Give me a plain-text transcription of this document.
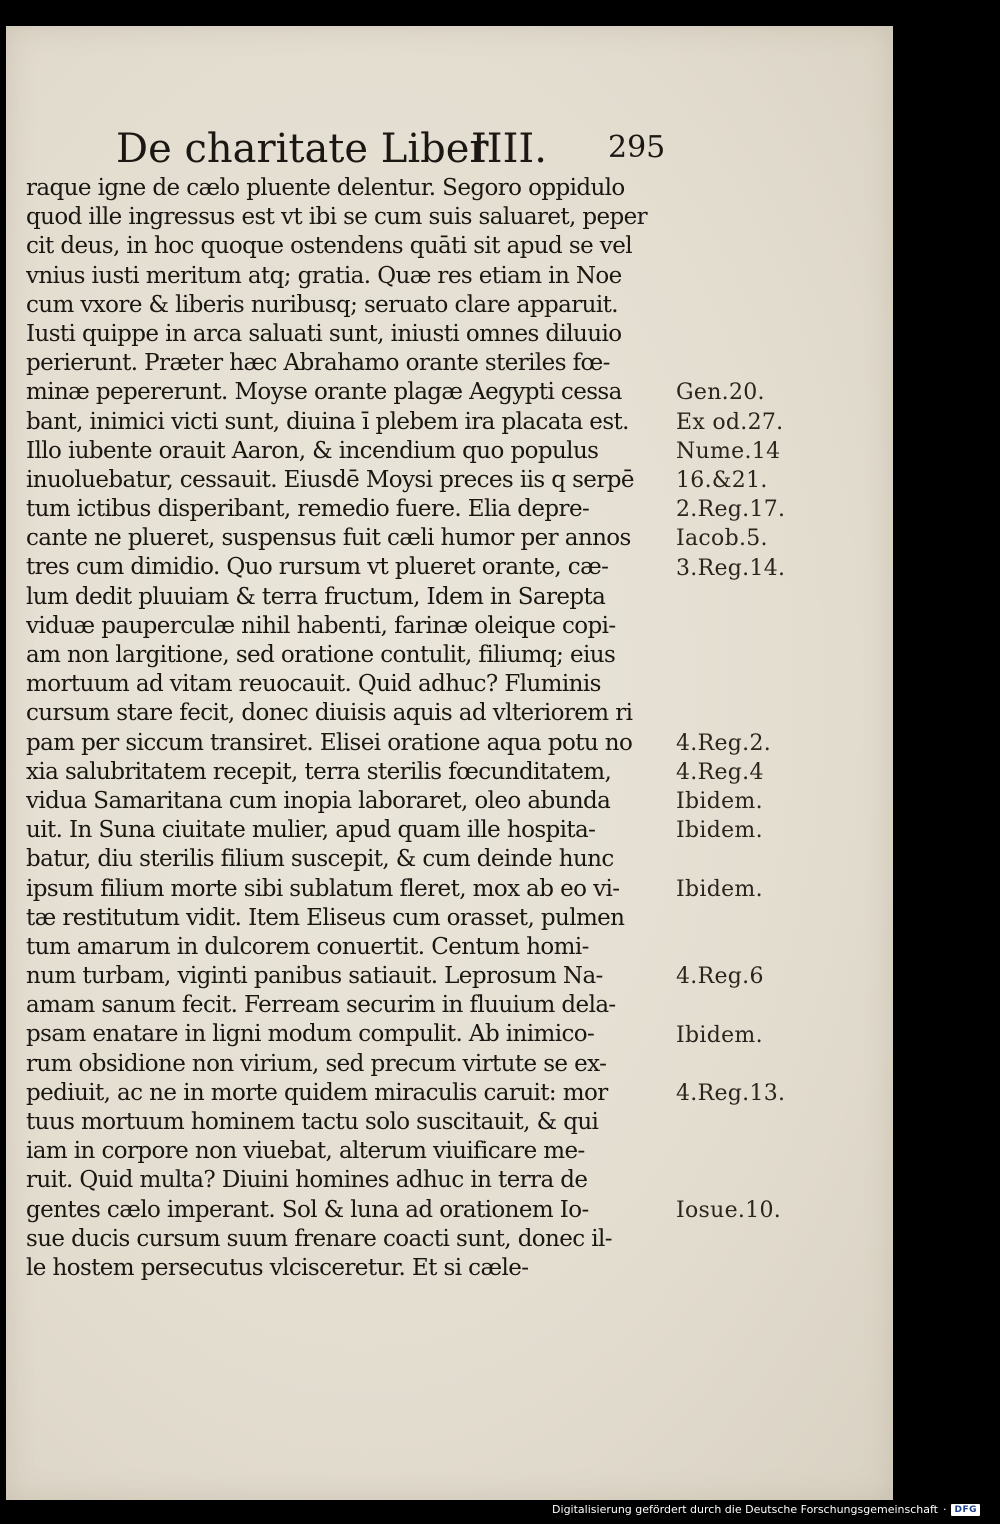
De charitate Liber
IIII. 295
raque igne de cælo pluente delentur. Segoro oppidulo
quod ille ingressus est vt ibi se cum suis saluaret, peper
cit deus, in hoc quoque ostendens quāti sit apud se vel
vnius iusti meritum atq; gratia. Quæ res etiam in Noe
cum vxore & liberis nuribusq; seruato clare apparuit.
Iusti quippe in arca saluati sunt, iniusti omnes diluuio
perierunt. Præter hæc Abrahamo orante steriles fœ-
minæ pepererunt. Moyse orante plagæ Aegypti cessa
bant, inimici victi sunt, diuina ī plebem ira placata est.
Illo iubente orauit Aaron, & incendium quo populus
inuoluebatur, cessauit. Eiusdē Moysi preces iis q serpē
tum ictibus disperibant, remedio fuere. Elia depre-
cante ne plueret, suspensus fuit cæli humor per annos
tres cum dimidio. Quo rursum vt plueret orante, cæ-
lum dedit pluuiam & terra fructum, Idem in Sarepta
viduæ pauperculæ nihil habenti, farinæ oleique copi-
am non largitione, sed oratione contulit, filiumq; eius
mortuum ad vitam reuocauit. Quid adhuc? Fluminis
cursum stare fecit, donec diuisis aquis ad vlteriorem ri
pam per siccum transiret. Elisei oratione aqua potu no
xia salubritatem recepit, terra sterilis fœcunditatem,
vidua Samaritana cum inopia laboraret, oleo abunda
uit. In Suna ciuitate mulier, apud quam ille hospita-
batur, diu sterilis filium suscepit, & cum deinde hunc
ipsum filium morte sibi sublatum fleret, mox ab eo vi-
tæ restitutum vidit. Item Eliseus cum orasset, pulmen
tum amarum in dulcorem conuertit. Centum homi-
num turbam, viginti panibus satiauit. Leprosum Na-
amam sanum fecit. Ferream securim in fluuium dela-
psam enatare in ligni modum compulit. Ab inimico-
rum obsidione non virium, sed precum virtute se ex-
pediuit, ac ne in morte quidem miraculis caruit: mor
tuus mortuum hominem tactu solo suscitauit, & qui
iam in corpore non viuebat, alterum viuificare me-
ruit. Quid multa? Diuini homines adhuc in terra de
gentes cælo imperant. Sol & luna ad orationem Io-
sue ducis cursum suum frenare coacti sunt, donec il-
le hostem persecutus vlcisceretur. Et si cæle-
Gen.20.
Ex od.27.
Nume.14
16.&21.
2.Reg.17.
Iacob.5.
3.Reg.14.
4.Reg.2.
4.Reg.4
Ibidem.
Ibidem.
Ibidem.
4.Reg.6
Ibidem.
4.Reg.13.
Iosue.10.
Digitalisierung gefördert durch die Deutsche Forschungsgemeinschaft · DFG
